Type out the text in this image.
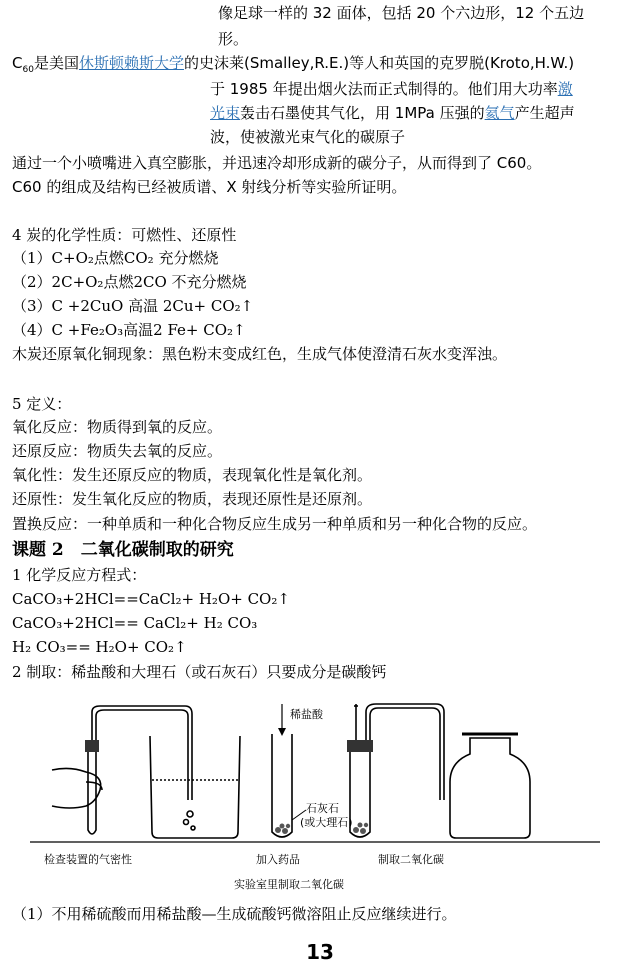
像足球一样的 32 面体，包括 20 个六边形，12 个五边
形。
$C_{60}$是美国休斯顿赖斯大学的史沫莱(Smalley,R.E.)等人和英国的克罗脱(Kroto,H.W.)
于 1985 年提出烟火法而正式制得的。他们用大功率激
光束轰击石墨使其气化，用 1MPa 压强的氦气产生超声
波，使被激光束气化的碳原子
通过一个小喷嘴进入真空膨胀，并迅速冷却形成新的碳分子，从而得到了 C60。
C60 的组成及结构已经被质谱、X 射线分析等实验所证明。
4 炭的化学性质：可燃性、还原性
（1）C+O₂点燃CO₂ 充分燃烧
（2）2C+O₂点燃2CO 不充分燃烧
（3）C +2CuO 高温 2Cu+ CO₂↑
（4）C +Fe₂O₃高温2 Fe+ CO₂↑
木炭还原氧化铜现象：黑色粉末变成红色，生成气体使澄清石灰水变浑浊。
5 定义：
氧化反应：物质得到氧的反应。
还原反应：物质失去氧的反应。
氧化性：发生还原反应的物质，表现氧化性是氧化剂。
还原性：发生氧化反应的物质，表现还原性是还原剂。
置换反应：一种单质和一种化合物反应生成另一种单质和另一种化合物的反应。
课题 2　二氧化碳制取的研究
1 化学反应方程式：
CaCO₃+2HCl==CaCl₂+ H₂O+ CO₂↑
CaCO₃+2HCl== CaCl₂+ H₂ CO₃
H₂ CO₃== H₂O+ CO₂↑
2 制取：稀盐酸和大理石（或石灰石）只要成分是碳酸钙
稀盐酸
石灰石
(或大理石)
检查装置的气密性	加入药品	制取二氧化碳
实验室里制取二氧化碳
（1）不用稀硫酸而用稀盐酸—生成硫酸钙微溶阻止反应继续进行。
13
